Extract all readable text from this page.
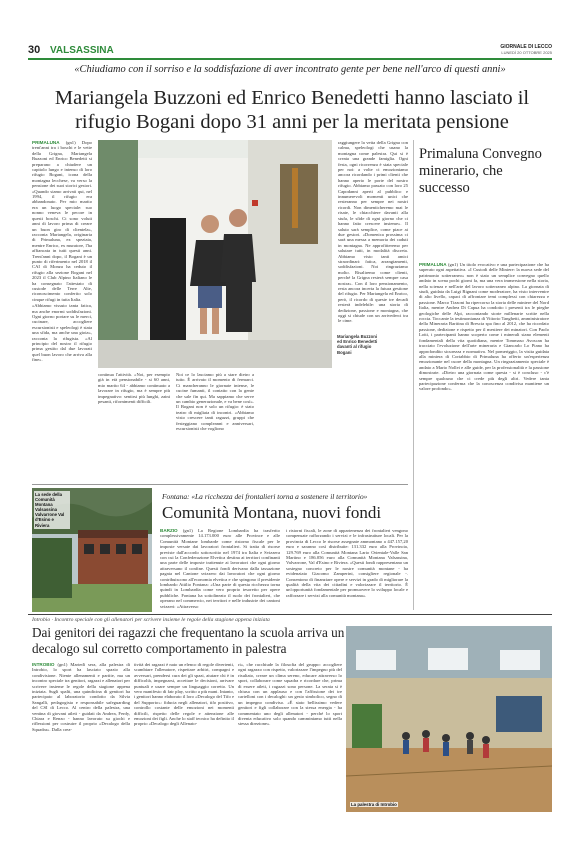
30 VALSASSINA	GIORNALE DI LECCO
LUNEDÌ 20 OTTOBRE 2025
«Chiudiamo con il sorriso e la soddisfazione di aver incontrato gente per bene nell'arco di questi anni»
Mariangela Buzzoni ed Enrico Benedetti hanno lasciato il rifugio Bogani dopo 31 anni per la meritata pensione

PRIMALUNA (gn1) Dopo trent'anni tra i boschi e le vette della Grigna, Mariangela Buzzoni ed Enrico Benedetti si preparano a chiudere un capitolo lungo e intenso di loro rifugio Bogani, icona della montagna lecchese, va verso la pensione dei suoi storici gestori. «Quando siamo arrivati qui, nel 1994, il rifugio era abbandonato. Per mio marito era un luogo speciale: suo nonno veneva le pecore in questi boschi. Ci sono voluti anni di lavoro prima di creare un buon giro di clientela», racconta Mariangela, originaria di Primaluna, ex speziaia, mentre Enrico, ex muratore, l'ha affiancata in tutti questi anni. Trent'anni dopo, il Bogani è un punto di riferimento nel 2018 il CAI di Monza ha ceduto il rifugio alla sezione Bogani nel 2023 il Club Alpino Italiano le ha consegnato l'attestato di custode delle Terre Alte, riconoscimento conferito solo cinque rifugi in tutta Italia.

«Abbiamo vissuto tanta fatica, ma anche enormi soddisfazioni. Ogni giorno portare su le merci, cucinare, accogliere escursionisti e speleologi è stata una sfida, ma anche una gioia», racconta la rifugista. «Al principio del nostro il rifugio prima gestito dal due lavorati quel buon lavoro che arriva alla fine».

Mariangela Buzzoni ed Enrico Benedetti davanti al rifugio Bogani
raggiungere la vetta della Grigna con calma, speleologi che usano la montagna come palestra. Qui si è creata una grande famiglia. Ogni festa, ogni ricorrenza è stata speciale per noi: a volte ci emozioniamo ancora ricordando i primi clienti che hanno aperto le porte del nostro rifugio. Abbiamo passato con loro 25 Capodanni aperti al pubblico e innumerevoli momenti unici che resteranno per sempre nei nostri ricordi. Non dimenticheremo mai le risate, le chiacchiere davanti alla stufa, le sfide di ogni giorno che ci hanno fatto crescere insieme». Il saluto sarà semplice, come piace ai due gestori. «Domenica prossima ci sarà una messa a memoria dei caduti in montagna. Ne approfitteremo per salutare tutti, in modalità discreta. Abbiamo visto tanti amici straordinari: fatica, arrangiamenti, soddisfazioni. Noi ringraziamo molto. Risaliremo come clienti, perché la Grigna resterà sempre casa nostra». Con il loro pensionamento, resta ancora incerta la futura gestione del rifugio. Per Mariangela ed Enrico, però, il ricordo di queste tre decadi resterà indelebile: una storia di dedizione, passione e montagna, che oggi si chiude con un arrivederci tra le cime.
continua l'attività. «Noi, per esempio già in età pensionabile - si 60 anni, mio marito 64 - abbiamo continuato a lavorare in rifugio, ma è sempre più impegnativo: sentirsi più lunghi, zaini pesanti, rifornimenti difficili.
Noi ce lo lasciamo più a stare dietro a tutto. È arrivato il momento di fermarci. Ci mancheranno le giornate intense, le cucine fumanti, il contatto con la gente che sale fin qui. Ma sappiamo che serve un cambio generazionale, e va bene così». Il Bogani non è solo un rifugio: è stato teatro di migliaia di incontri. «Abbiamo visto crescere tanti ragazzi, gruppi che festeggiano compleanni e anniversari, escursionisti che vogliono
Primaluna Convegno minerario, che successo
PRIMALUNA (gn1) Un titolo evocativo e una partecipazione che ha superato ogni aspettativa. «I Custodi delle Miniere: la nuova sede del patrimonio sotterraneo» non è stato un semplice convegno quello andato in scena pochi giorni fa, ma una vera immersione nella storia, nella scienza e nell'arte del lavoro sotterraneo alpino. La giornata di studi, guidata da Luigi Rignani come moderatore, ha visto intervenire di alto livello, capaci di affrontare temi complessi con chiarezza e passione. Marco Tizzoni ha ripercorso la storia delle miniere del Nord Italia, mentre Andrea Di Capua ha condotto i presenti tra le pieghe geologiche delle Alpi, raccontando storie millenarie scritte nella roccia. Toccante la testimonianza di Vittorio Tanghetti, amministratore della Mineraria Baritina di Brescia spa fino al 2012, che ha ricordato passione, dedizione e rispetto per il mestiere dei minatori. Con Paolo Lotti, i partecipanti hanno scoperto come i minerali siano elementi fondamentali della vita quotidiana, mentre Tommaso Avoscan ha tracciato l'evoluzione dell'arte mineraria e Giancarlo Lo Piano ha approfondito sicurezza e normativa. Nel pomeriggio, la visita guidata alla miniera di Cortabbio di Primaluna ha offerto un'esperienza emozionante nel cuore della montagna. Un ringraziamento speciale è andato a Mario Nollei e alle guide, per la professionalità e la passione dimostrate. «Dietro una giornata come questa - si è concluso - c'è sempre qualcuno che ci crede più degli altri. Vedere tanta partecipazione conferma che la conoscenza condivisa mantiene un valore profondo».
La sede della Comunità Montana Valsassina Valvarrone Val d'Esino e Riviera
Fontana: «La ricchezza dei frontalieri torna a sostenere il territorio»
Comunità Montana, nuovi fondi
BARZIO (gn1) La Regione Lombardia ha trasferito complessivamente 14.173.000 euro alle Province e alle Comunità Montane lombarde come ristorno fiscale per le imposte versate dai lavoratori frontalieri. Si tratta di risorse previste dall'accordo sottoscritto nel 1974 tra Italia e Svizzera con cui la Confederazione Elvetica destina ai territori confinanti una parte delle imposte trattenute ai lavoratori che ogni giorno attraversano il confine. Questi fondi derivano dalla tassazione pagata nel Cantone svizzero dai lavoratori che ogni giorno contribuiscono all'economia elvetica e che spingono il presidente lombardo Attilio Fontana: «Una parte di questa ricchezza torna quindi in Lombardia come vero proprio tesoretto per opere pubbliche. Fontana ha sottolineato il ruolo dei frontalieri, che operano nel commercio, nei territori e nelle industrie dei cantoni svizzeri: «Attraverso
i ristorni fiscali, le zone di appartenenza dei frontalieri vengono compensate rafforzando i servizi e le infrastrutture locali. Per la provincia di Lecco le risorse assegnate ammontano a 447.157,20 euro e saranno così distribuite: 131.332 euro alla Provincia, 129.769 euro alla Comunità Montana Lario Orientale-Valle San Martino e 186.056 euro alla Comunità Montana Valsassina, Valvarrone, Val d'Esino e Riviera. «Questi fondi rappresentano un sostegno concreto per le nostre comunità montane - ha evidenziato Giacomo Zamperini, consigliere regionale -. Consentono di finanziare opere e servizi in grado di migliorare la qualità della vita dei cittadini e valorizzare il territorio. È un'opportunità fondamentale per promuovere lo sviluppo locale e rafforzare i servizi alla comunità montana».
Introbio · Incontro speciale con gli allenatori per scrivere insieme le regole della stagione appena iniziata
Dai genitori dei ragazzi che frequentano la scuola arriva un decalogo sul corretto comportamento in palestra
INTROBIO (gn1) Martedì sera, alla palestra di Introbio, lo sport ha lasciato spazio alla condivisione. Niente allenamenti e partite, ma un incontro speciale tra genitori, ragazzi e allenatori per scrivere insieme le regole della stagione appena iniziata. Sugli spalti, una quindicina di genitori ha partecipato al laboratorio condotto da Silvia Sangalli, pedagogista e responsabile safeguarding del CSI di Lecco. Al centro della palestra, una ventina di giovani atleti - guidati da Andrea, Ferdy, Chiara e Renzo - hanno lavorato su giochi e riflessioni per costruire il proprio «Decalogo della Squadra». Dalla crea-
tività dei ragazzi è nato un elenco di regole divertenti, scambiare l'allenatore, rispettare arbitri, compagni e avversari, prendersi cura dei gli spazi, aiutare chi è in difficoltà, impegnarsi, accettare le decisioni, arrivare puntuali e usare sempre un linguaggio corretto. Un vero manifesto di fair play, scritto a più mani. Intanto, i genitori hanno elaborato il loro «Decalogo del Tifo e del Supporto»: fiducia negli allenatori, tifo positivo, controllo costante delle emozioni nei momenti difficili, rispetto delle regole e attenzione alle emozioni dei figli. Anche lo staff tecnico ha definito il proprio «Decalogo degli Allenato-
ri», che racchiude la filosofia del gruppo: accogliere ogni ragazzo con rispetto, valorizzare l'impegno più del risultato, creare un clima sereno, educare attraverso lo sport, collaborare come squadra e ricordare che, prima di essere atleti, i ragazzi sono persone. La serata si è chiusa con un applauso e con l'affissione dei tre cartelloni con i decaloghi: un gesto simbolico, segno di un impegno condiviso. «È stato bellissimo vedere genitori e figli collaborare con la stessa energia - ha commentato uno degli allenatori - perché lo sport diventa educativo solo quando camminiamo tutti nella stessa direzione».
La palestra di Introbio
